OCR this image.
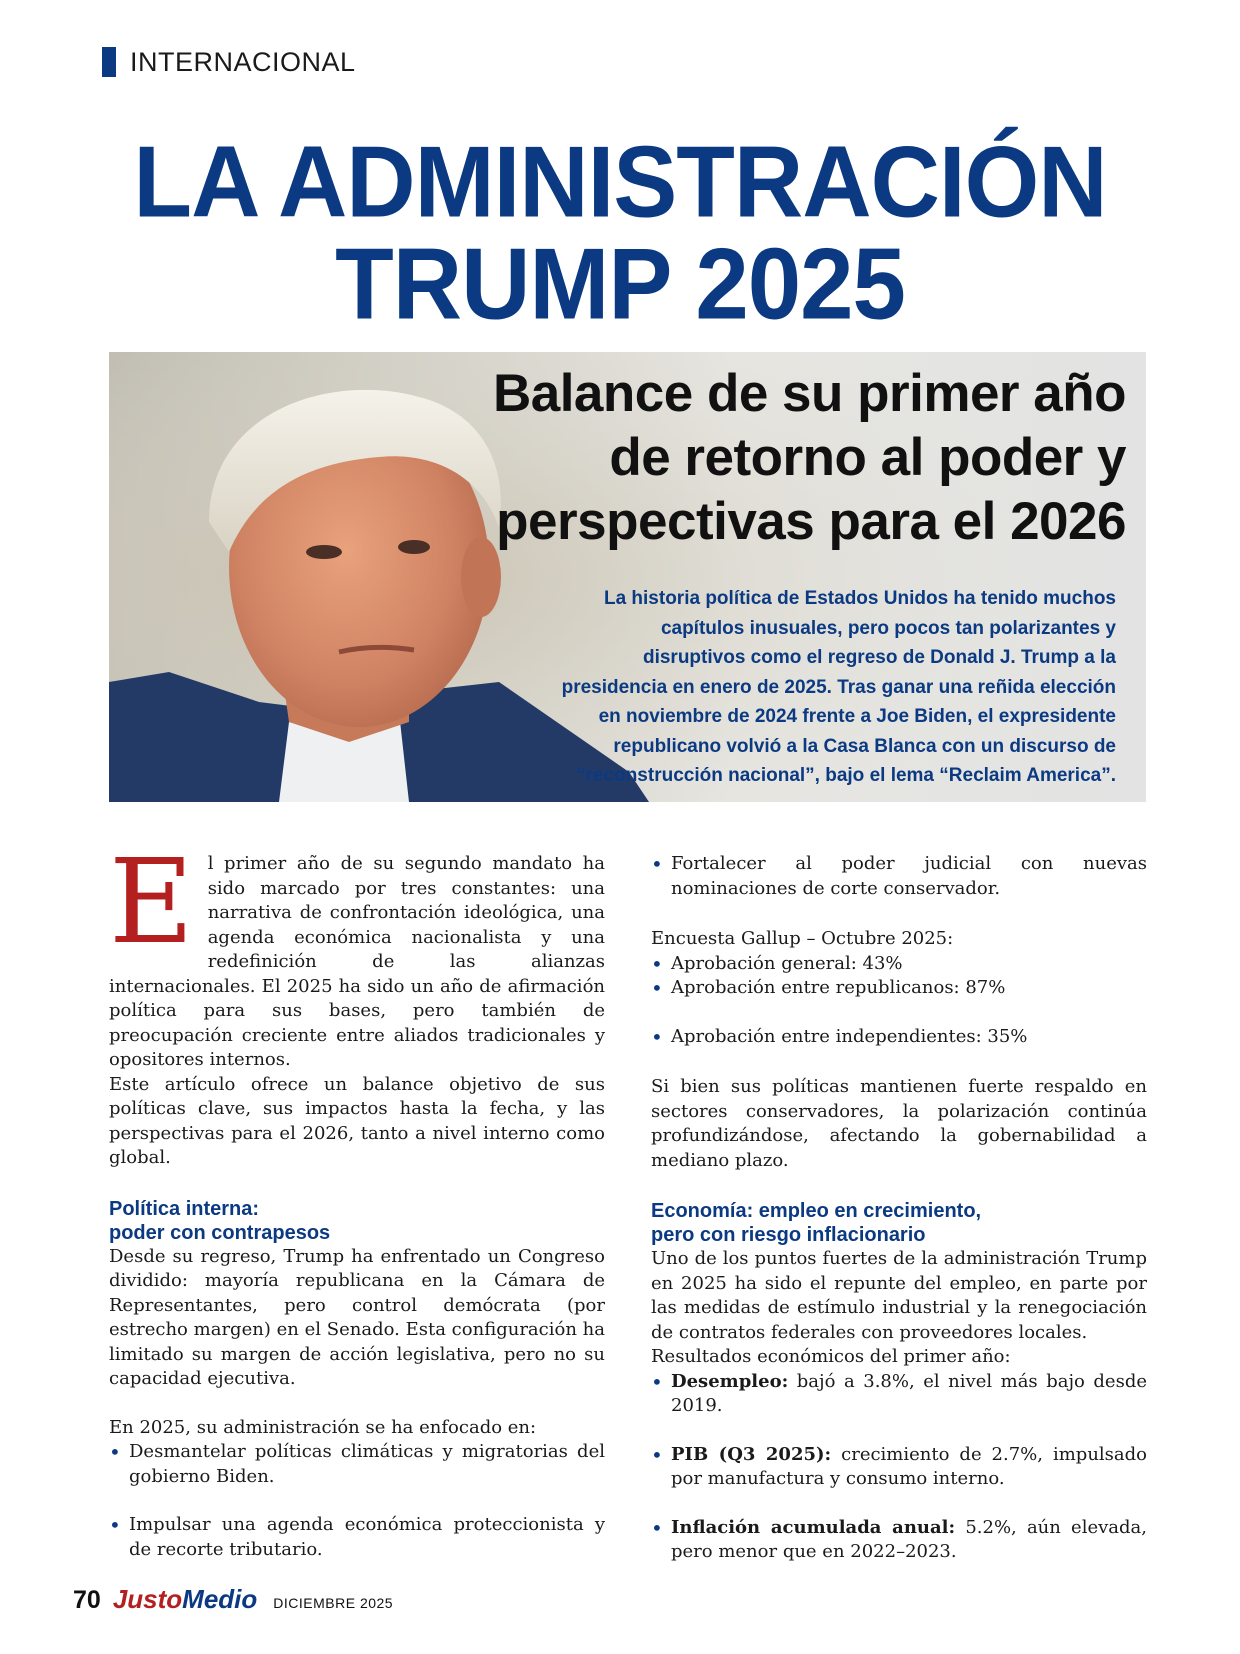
INTERNACIONAL
LA ADMINISTRACIÓN
TRUMP 2025
Balance de su primer año
de retorno al poder y
perspectivas para el 2026
La historia política de Estados Unidos ha tenido muchos capítulos inusuales, pero pocos tan polarizantes y disruptivos como el regreso de Donald J. Trump a la presidencia en enero de 2025. Tras ganar una reñida elección en noviembre de 2024 frente a Joe Biden, el expresidente republicano volvió a la Casa Blanca con un discurso de “reconstrucción nacional”, bajo el lema “Reclaim America”.

El primer año de su segundo mandato ha sido marcado por tres constantes: una narrativa de confrontación ideológica, una agenda económica nacionalista y una redefinición de las alianzas internacionales. El 2025 ha sido un año de afirmación política para sus bases, pero también de preocupación creciente entre aliados tradicionales y opositores internos.

Este artículo ofrece un balance objetivo de sus políticas clave, sus impactos hasta la fecha, y las perspectivas para el 2026, tanto a nivel interno como global.

Política interna:
poder con contrapesos

Desde su regreso, Trump ha enfrentado un Congreso dividido: mayoría republicana en la Cámara de Representantes, pero control demócrata (por estrecho margen) en el Senado. Esta configuración ha limitado su margen de acción legislativa, pero no su capacidad ejecutiva.

En 2025, su administración se ha enfocado en:

• Desmantelar políticas climáticas y migratorias del gobierno Biden.
• Impulsar una agenda económica proteccionista y de recorte tributario.
• Fortalecer al poder judicial con nuevas nominaciones de corte conservador.

Encuesta Gallup – Octubre 2025:

• Aprobación general: 43%
• Aprobación entre republicanos: 87%
• Aprobación entre independientes: 35%

Si bien sus políticas mantienen fuerte respaldo en sectores conservadores, la polarización continúa profundizándose, afectando la gobernabilidad a mediano plazo.

Economía: empleo en crecimiento,
pero con riesgo inflacionario

Uno de los puntos fuertes de la administración Trump en 2025 ha sido el repunte del empleo, en parte por las medidas de estímulo industrial y la renegociación de contratos federales con proveedores locales.

Resultados económicos del primer año:

• Desempleo: bajó a 3.8%, el nivel más bajo desde 2019.
• PIB (Q3 2025): crecimiento de 2.7%, impulsado por manufactura y consumo interno.
• Inflación acumulada anual: 5.2%, aún elevada, pero menor que en 2022–2023.
70 Justo Medio DICIEMBRE 2025
